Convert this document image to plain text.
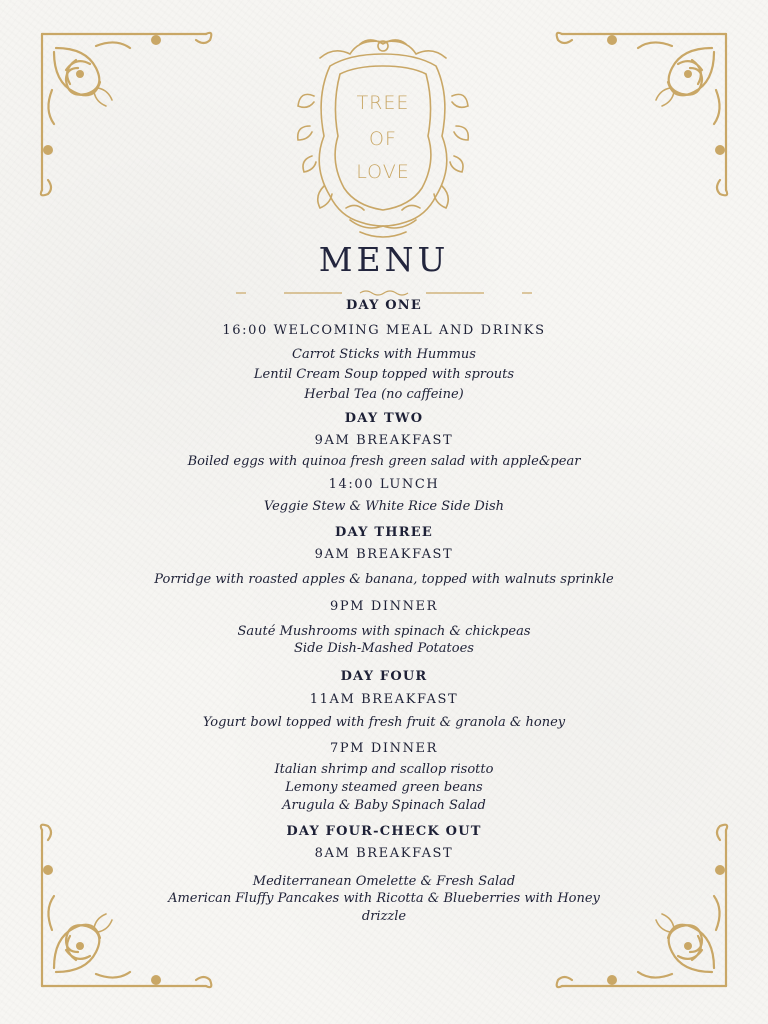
TREE
OF
LOVE
MENU
DAY ONE
16:00 WELCOMING MEAL AND DRINKS
Carrot Sticks with Hummus
Lentil Cream Soup topped with sprouts
Herbal Tea (no caffeine)
DAY TWO
9AM BREAKFAST
Boiled eggs with quinoa fresh green salad with apple&pear
14:00 LUNCH
Veggie Stew & White Rice Side Dish
DAY THREE
9AM BREAKFAST
Porridge with roasted apples & banana, topped with walnuts sprinkle
9PM DINNER
Sauté Mushrooms with spinach & chickpeas
Side Dish-Mashed Potatoes
DAY FOUR
11AM BREAKFAST
Yogurt bowl topped with fresh fruit & granola & honey
7PM DINNER
Italian shrimp and scallop risotto
Lemony steamed green beans
Arugula & Baby Spinach Salad
DAY FOUR-CHECK OUT
8AM BREAKFAST
Mediterranean Omelette & Fresh Salad
American Fluffy Pancakes with Ricotta & Blueberries with Honey
drizzle
